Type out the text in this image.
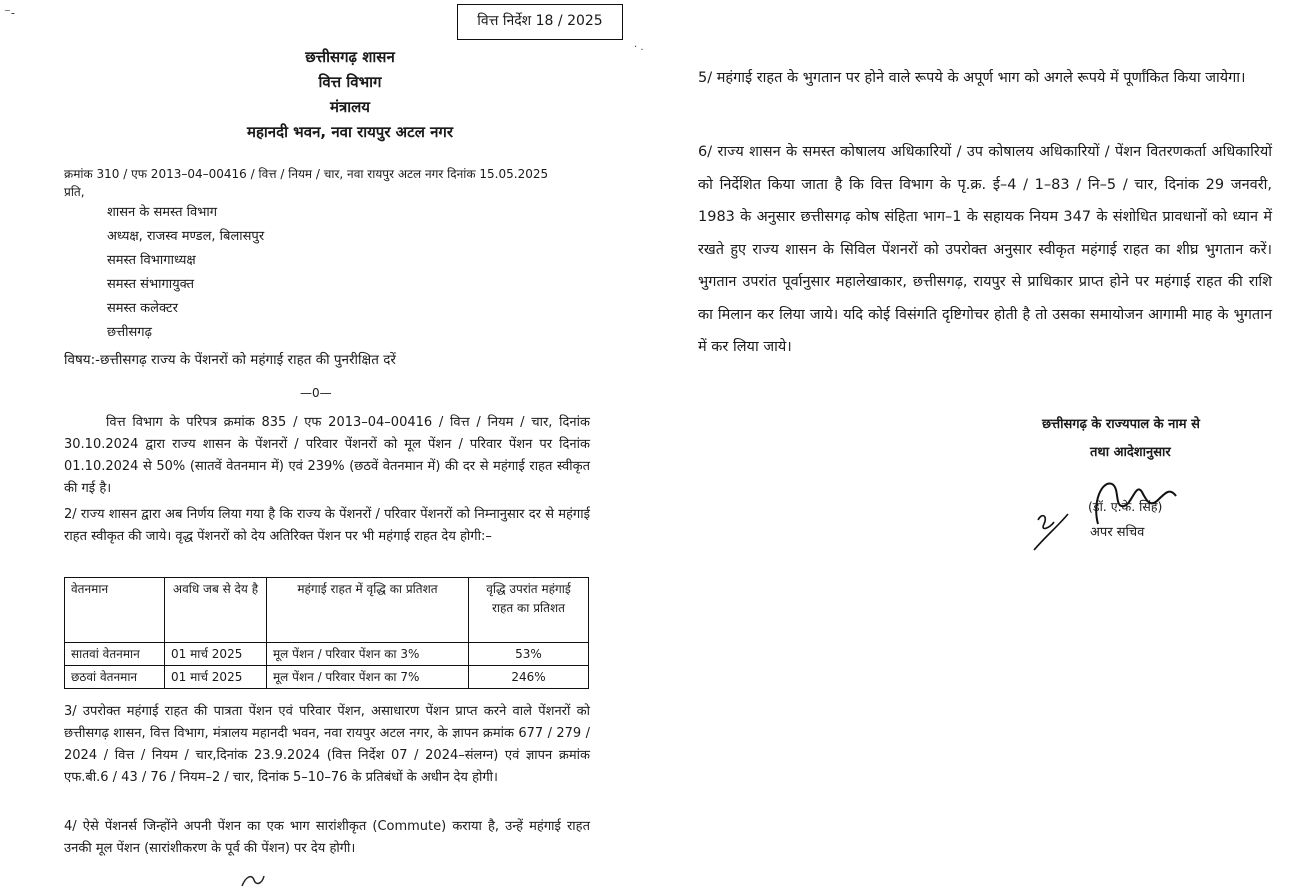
⁻˗	वित्त निर्देश 18 / 2025
छत्तीसगढ़ शासन
वित्त विभाग
मंत्रालय
महानदी भवन, नवा रायपुर अटल नगर
क्रमांक 310 / एफ 2013–04–00416 / वित्त / नियम / चार, नवा रायपुर अटल नगर दिनांक 15.05.2025
प्रति,
शासन के समस्त विभाग
अध्यक्ष, राजस्व मण्डल, बिलासपुर
समस्त विभागाध्यक्ष
समस्त संभागायुक्त
समस्त कलेक्टर
छत्तीसगढ़
विषय:-छत्तीसगढ़ राज्य के पेंशनरों को महंगाई राहत की पुनरीक्षित दरें
—0—

वित्त विभाग के परिपत्र क्रमांक 835 / एफ 2013–04–00416 / वित्त / नियम / चार, दिनांक 30.10.2024 द्वारा राज्य शासन के पेंशनरों / परिवार पेंशनरों को मूल पेंशन / परिवार पेंशन पर दिनांक 01.10.2024 से 50% (सातवें वेतनमान में) एवं 239% (छठवें वेतनमान में) की दर से महंगाई राहत स्वीकृत की गई है।

2/ राज्य शासन द्वारा अब निर्णय लिया गया है कि राज्य के पेंशनरों / परिवार पेंशनरों को निम्नानुसार दर से महंगाई राहत स्वीकृत की जाये। वृद्ध पेंशनरों को देय अतिरिक्त पेंशन पर भी महंगाई राहत देय होगी:–

वेतनमान	अवधि जब से देय है	महंगाई राहत में वृद्धि का प्रतिशत	वृद्धि उपरांत महंगाई राहत का प्रतिशत
सातवां वेतनमान	01 मार्च 2025	मूल पेंशन / परिवार पेंशन का 3%	53%
छठवां वेतनमान	01 मार्च 2025	मूल पेंशन / परिवार पेंशन का 7%	246%

3/ उपरोक्त महंगाई राहत की पात्रता पेंशन एवं परिवार पेंशन, असाधारण पेंशन प्राप्त करने वाले पेंशनरों को छत्तीसगढ़ शासन, वित्त विभाग, मंत्रालय महानदी भवन, नवा रायपुर अटल नगर, के ज्ञापन क्रमांक 677 / 279 / 2024 / वित्त / नियम / चार,दिनांक 23.9.2024 (वित्त निर्देश 07 / 2024–संलग्न) एवं ज्ञापन क्रमांक एफ.बी.6 / 43 / 76 / नियम–2 / चार, दिनांक 5–10–76 के प्रतिबंधों के अधीन देय होगी।

4/ ऐसे पेंशनर्स जिन्होंने अपनी पेंशन का एक भाग सारांशीकृत (Commute) कराया है, उन्हें महंगाई राहत उनकी मूल पेंशन (सारांशीकरण के पूर्व की पेंशन) पर देय होगी।

· .

5/ महंगाई राहत के भुगतान पर होने वाले रूपये के अपूर्ण भाग को अगले रूपये में पूर्णांकित किया जायेगा।

6/ राज्य शासन के समस्त कोषालय अधिकारियों / उप कोषालय अधिकारियों / पेंशन वितरणकर्ता अधिकारियों को निर्देशित किया जाता है कि वित्त विभाग के पृ.क्र. ई–4 / 1–83 / नि–5 / चार, दिनांक 29 जनवरी, 1983 के अनुसार छत्तीसगढ़ कोष संहिता भाग–1 के सहायक नियम 347 के संशोधित प्रावधानों को ध्यान में रखते हुए राज्य शासन के सिविल पेंशनरों को उपरोक्त अनुसार स्वीकृत महंगाई राहत का शीघ्र भुगतान करें। भुगतान उपरांत पूर्वानुसार महालेखाकार, छत्तीसगढ़, रायपुर से प्राधिकार प्राप्त होने पर महंगाई राहत की राशि का मिलान कर लिया जाये। यदि कोई विसंगति दृष्टिगोचर होती है तो उसका समायोजन आगामी माह के भुगतान में कर लिया जाये।

छत्तीसगढ़ के राज्यपाल के नाम से
तथा आदेशानुसार
(डॉ. ए.के. सिंह)
अपर सचिव
